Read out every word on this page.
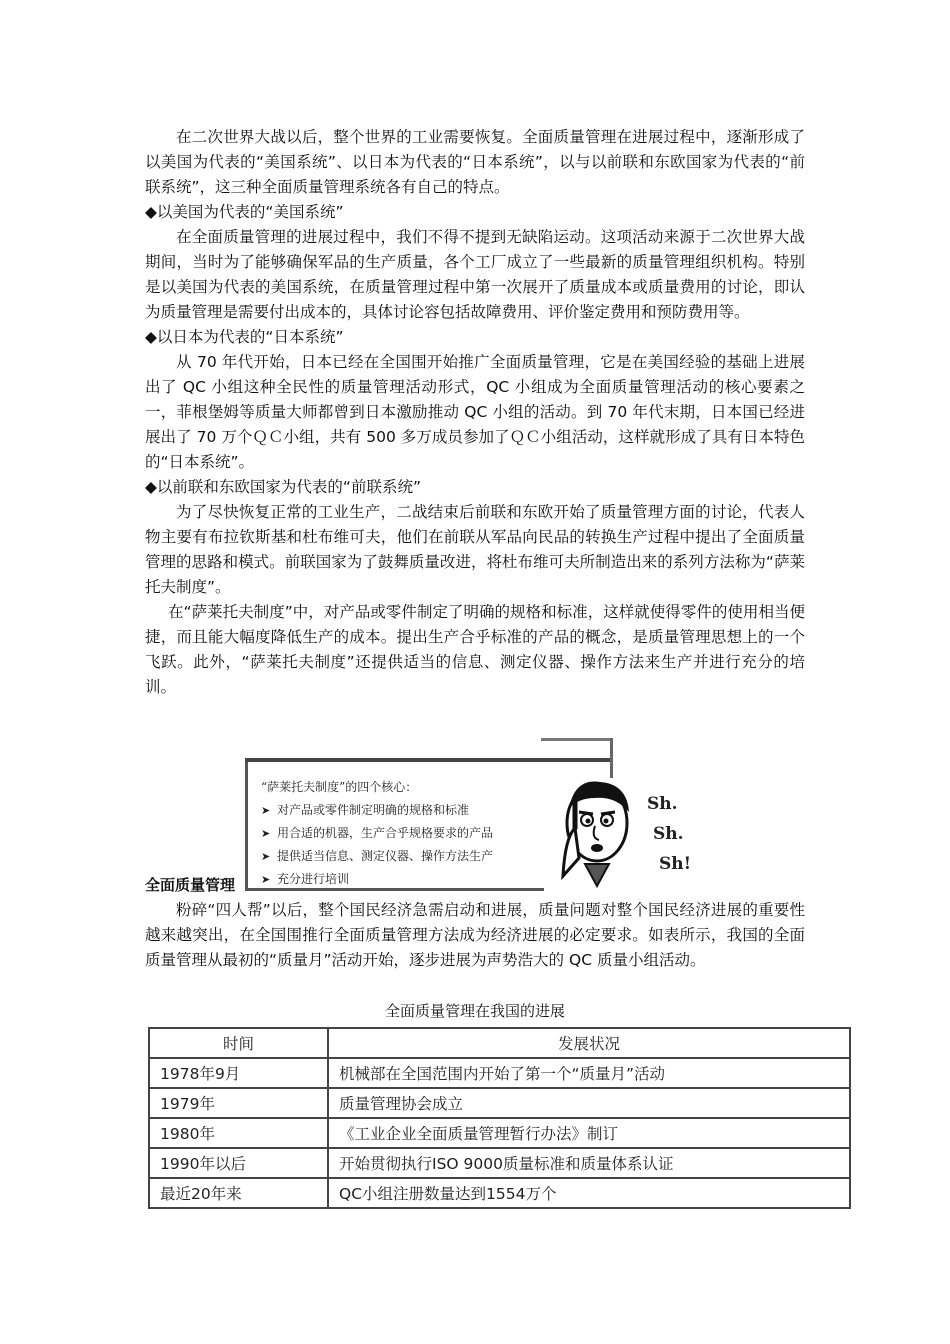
在二次世界大战以后，整个世界的工业需要恢复。全面质量管理在进展过程中，逐渐形成了以美国为代表的“美国系统”、以日本为代表的“日本系统”，以与以前联和东欧国家为代表的“前联系统”，这三种全面质量管理系统各有自己的特点。

◆以美国为代表的“美国系统”

在全面质量管理的进展过程中，我们不得不提到无缺陷运动。这项活动来源于二次世界大战期间，当时为了能够确保军品的生产质量，各个工厂成立了一些最新的质量管理组织机构。特别是以美国为代表的美国系统，在质量管理过程中第一次展开了质量成本或质量费用的讨论，即认为质量管理是需要付出成本的，具体讨论容包括故障费用、评价鉴定费用和预防费用等。

◆以日本为代表的“日本系统”

从 70 年代开始，日本已经在全国围开始推广全面质量管理，它是在美国经验的基础上进展出了 QC 小组这种全民性的质量管理活动形式，QC 小组成为全面质量管理活动的核心要素之一，菲根堡姆等质量大师都曾到日本激励推动 QC 小组的活动。到 70 年代末期，日本国已经进展出了 70 万个ＱＣ小组，共有 500 多万成员参加了ＱＣ小组活动，这样就形成了具有日本特色的“日本系统”。

◆以前联和东欧国家为代表的“前联系统”

为了尽快恢复正常的工业生产，二战结束后前联和东欧开始了质量管理方面的讨论，代表人物主要有布拉钦斯基和杜布维可夫，他们在前联从军品向民品的转换生产过程中提出了全面质量管理的思路和模式。前联国家为了鼓舞质量改进，将杜布维可夫所制造出来的系列方法称为“萨莱托夫制度”。

在“萨莱托夫制度”中，对产品或零件制定了明确的规格和标准，这样就使得零件的使用相当便捷，而且能大幅度降低生产的成本。提出生产合乎标准的产品的概念，是质量管理思想上的一个飞跃。此外，“萨莱托夫制度”还提供适当的信息、测定仪器、操作方法来生产并进行充分的培训。

“萨莱托夫制度”的四个核心：

➤ 对产品或零件制定明确的规格和标准

➤ 用合适的机器，生产合乎规格要求的产品

➤ 提供适当信息、测定仪器、操作方法生产

➤ 充分进行培训

Sh.
Sh.
Sh!

全面质量管理

粉碎“四人帮”以后，整个国民经济急需启动和进展，质量问题对整个国民经济进展的重要性越来越突出，在全国围推行全面质量管理方法成为经济进展的必定要求。如表所示，我国的全面质量管理从最初的“质量月”活动开始，逐步进展为声势浩大的 QC 质量小组活动。

全面质量管理在我国的进展
时间	发展状况
1978年9月	机械部在全国范围内开始了第一个“质量月”活动
1979年	质量管理协会成立
1980年	《工业企业全面质量管理暂行办法》制订
1990年以后	开始贯彻执行ISO 9000质量标准和质量体系认证
最近20年来	QC小组注册数量达到1554万个
